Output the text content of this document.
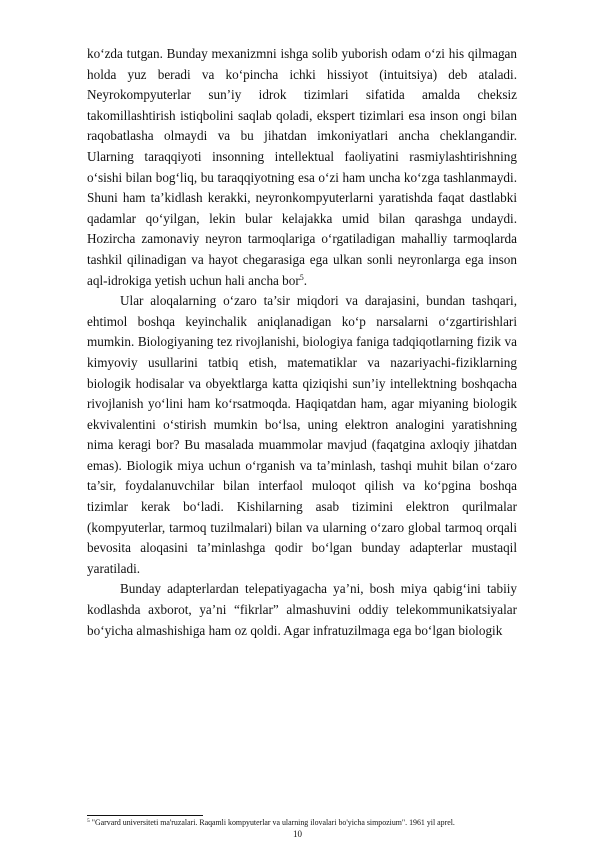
ko‘zda tutgan. Bunday mexanizmni ishga solib yuborish odam o‘zi his qilmagan holda yuz beradi va ko‘pincha ichki hissiyot (intuitsiya) deb ataladi. Neyrokompyuterlar sun’iy idrok tizimlari sifatida amalda cheksiz takomillashtirish istiqbolini saqlab qoladi, ekspert tizimlari esa inson ongi bilan raqobatlasha olmaydi va bu jihatdan imkoniyatlari ancha cheklangandir. Ularning taraqqiyoti insonning intellektual faoliyatini rasmiylashtirishning o‘sishi bilan bog‘liq, bu taraqqiyotning esa o‘zi ham uncha ko‘zga tashlanmaydi. Shuni ham ta’kidlash kerakki, neyronkompyuterlarni yaratishda faqat dastlabki qadamlar qo‘yilgan, lekin bular kelajakka umid bilan qarashga undaydi. Hozircha zamonaviy neyron tarmoqlariga o‘rgatiladigan mahalliy tarmoqlarda tashkil qilinadigan va hayot chegarasiga ega ulkan sonli neyronlarga ega inson aql-idrokiga yetish uchun hali ancha bor$^5$.

Ular aloqalarning o‘zaro ta’sir miqdori va darajasini, bundan tashqari, ehtimol boshqa keyinchalik aniqlanadigan ko‘p narsalarni o‘zgartirishlari mumkin. Biologiyaning tez rivojlanishi, biologiya faniga tadqiqotlarning fizik va kimyoviy usullarini tatbiq etish, matematiklar va nazariyachi-fiziklarning biologik hodisalar va obyektlarga katta qiziqishi sun’iy intellektning boshqacha rivojlanish yo‘lini ham ko‘rsatmoqda. Haqiqatdan ham, agar miyaning biologik ekvivalentini o‘stirish mumkin bo‘lsa, uning elektron analogini yaratishning nima keragi bor? Bu masalada muammolar mavjud (faqatgina axloqiy jihatdan emas). Biologik miya uchun o‘rganish va ta’minlash, tashqi muhit bilan o‘zaro ta’sir, foydalanuvchilar bilan interfaol muloqot qilish va ko‘pgina boshqa tizimlar kerak bo‘ladi. Kishilarning asab tizimini elektron qurilmalar (kompyuterlar, tarmoq tuzilmalari) bilan va ularning o‘zaro global tarmoq orqali bevosita aloqasini ta’minlashga qodir bo‘lgan bunday adapterlar mustaqil yaratiladi.

Bunday adapterlardan telepatiyagacha ya’ni, bosh miya qabig‘ini tabiiy kodlashda axborot, ya’ni “fikrlar” almashuvini oddiy telekommunikatsiyalar bo‘yicha almashishiga ham oz qoldi. Agar infratuzilmaga ega bo‘lgan biologik

$^5$ "Garvard universiteti ma'ruzalari. Raqamli kompyuterlar va ularning ilovalari bo'yicha simpozium". 1961 yil aprel.
10
